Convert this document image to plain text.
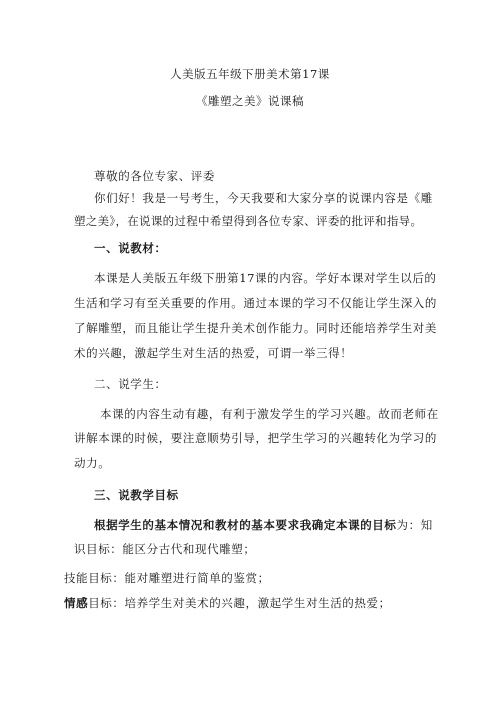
人美版五年级下册美术第17课
《雕塑之美》说课稿
尊敬的各位专家、评委
你们好！我是一号考生，今天我要和大家分享的说课内容是《雕
塑之美》，在说课的过程中希望得到各位专家、评委的批评和指导。
一、说教材：
本课是人美版五年级下册第17课的内容。学好本课对学生以后的
生活和学习有至关重要的作用。通过本课的学习不仅能让学生深入的
了解雕塑，而且能让学生提升美术创作能力。同时还能培养学生对美
术的兴趣，激起学生对生活的热爱，可谓一举三得！
二、说学生：
本课的内容生动有趣，有利于激发学生的学习兴趣。故而老师在
讲解本课的时候，要注意顺势引导，把学生学习的兴趣转化为学习的
动力。
三、说教学目标
根据学生的基本情况和教材的基本要求我确定本课的目标为：知
识目标：能区分古代和现代雕塑；
技能目标：能对雕塑进行简单的鉴赏；
情感目标：培养学生对美术的兴趣，激起学生对生活的热爱；
